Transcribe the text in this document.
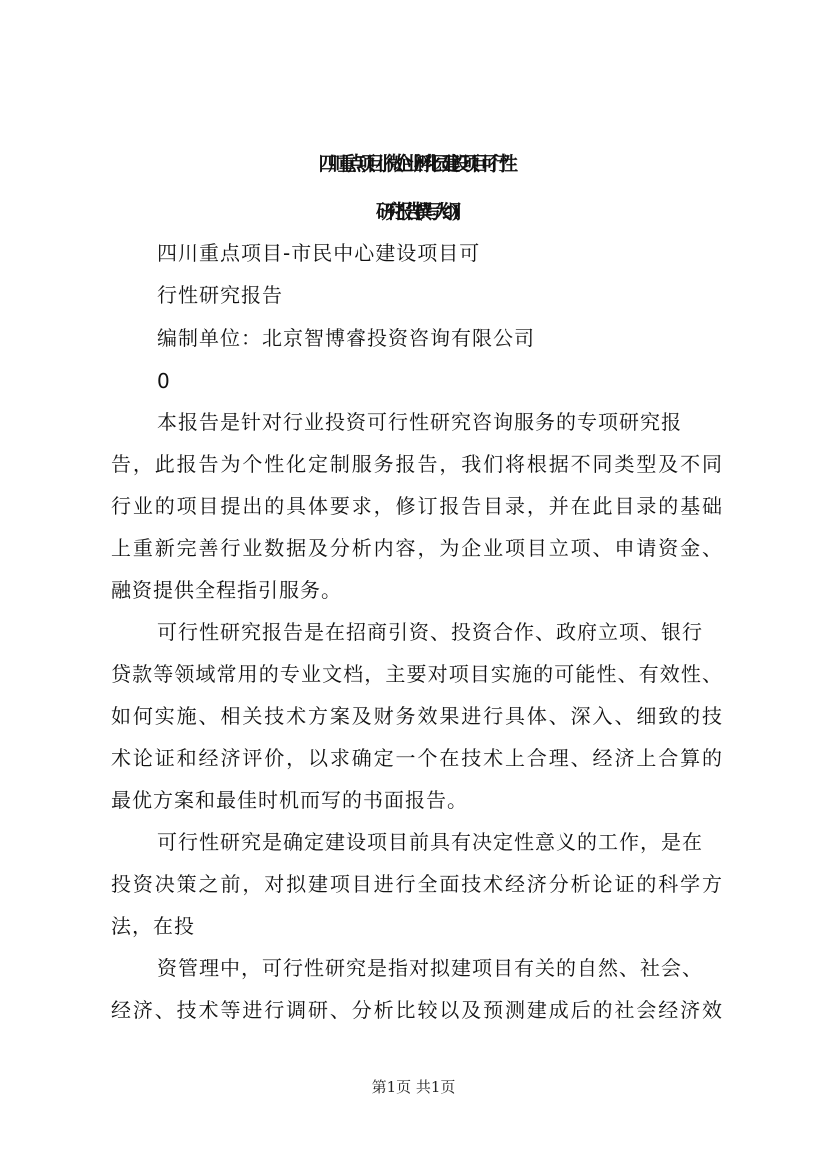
四川重点项目小微企业孵化园建设项目可行性
研究报告(撰写大纲)
四川重点项目-市民中心建设项目可
行性研究报告
编制单位：北京智博睿投资咨询有限公司
0
本报告是针对行业投资可行性研究咨询服务的专项研究报
告，此报告为个性化定制服务报告，我们将根据不同类型及不同
行业的项目提出的具体要求，修订报告目录，并在此目录的基础
上重新完善行业数据及分析内容，为企业项目立项、申请资金、
融资提供全程指引服务。
可行性研究报告是在招商引资、投资合作、政府立项、银行
贷款等领域常用的专业文档，主要对项目实施的可能性、有效性、
如何实施、相关技术方案及财务效果进行具体、深入、细致的技
术论证和经济评价，以求确定一个在技术上合理、经济上合算的
最优方案和最佳时机而写的书面报告。
可行性研究是确定建设项目前具有决定性意义的工作，是在
投资决策之前，对拟建项目进行全面技术经济分析论证的科学方
法，在投
资管理中，可行性研究是指对拟建项目有关的自然、社会、
经济、技术等进行调研、分析比较以及预测建成后的社会经济效
第1页 共1页
